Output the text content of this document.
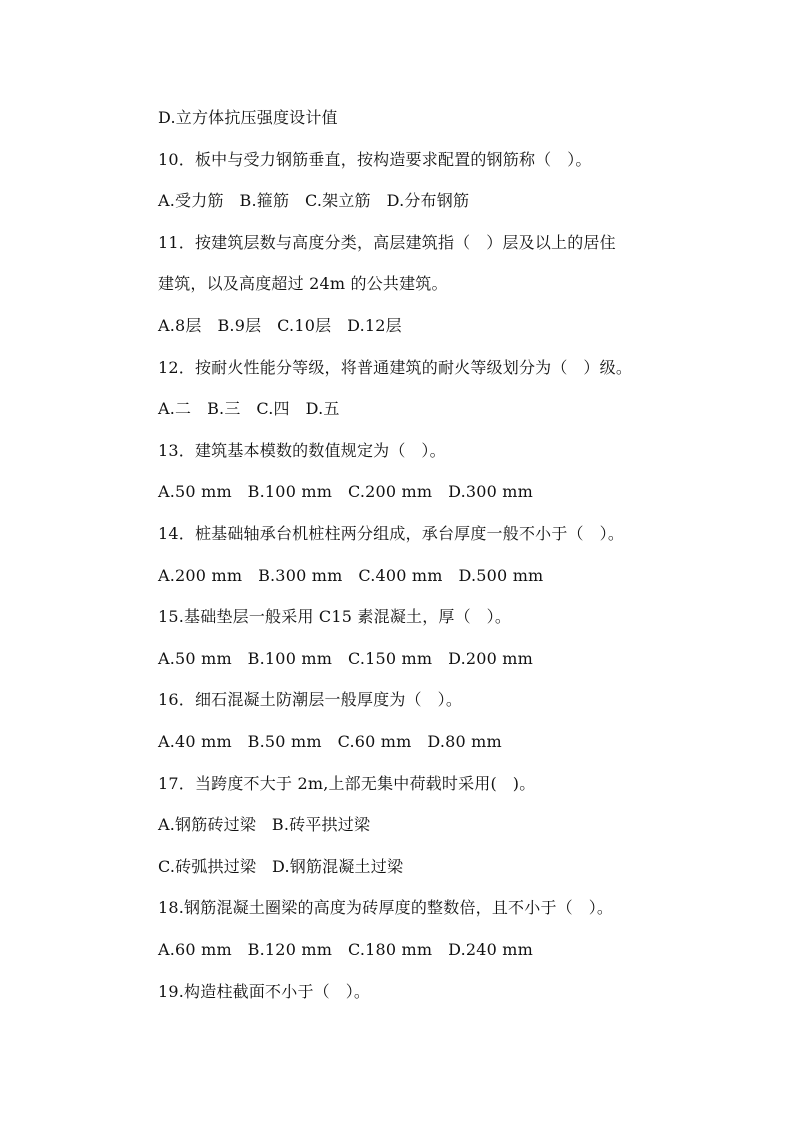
D.立方体抗压强度设计值
10．板中与受力钢筋垂直，按构造要求配置的钢筋称（   ）。
A.受力筋   B.箍筋   C.架立筋   D.分布钢筋
11．按建筑层数与高度分类，高层建筑指（   ）层及以上的居住
建筑，以及高度超过 24m 的公共建筑。
A.8层   B.9层   C.10层   D.12层
12．按耐火性能分等级，将普通建筑的耐火等级划分为（   ）级。
A.二   B.三   C.四   D.五
13．建筑基本模数的数值规定为（   ）。
A.50 mm   B.100 mm   C.200 mm   D.300 mm
14．桩基础轴承台机桩柱两分组成，承台厚度一般不小于（   ）。
A.200 mm   B.300 mm   C.400 mm   D.500 mm
15.基础垫层一般采用 C15 素混凝土，厚（   ）。
A.50 mm   B.100 mm   C.150 mm   D.200 mm
16．细石混凝土防潮层一般厚度为（   ）。
A.40 mm   B.50 mm   C.60 mm   D.80 mm
17．当跨度不大于 2m,上部无集中荷载时采用(   )。
A.钢筋砖过梁   B.砖平拱过梁
C.砖弧拱过梁   D.钢筋混凝土过梁
18.钢筋混凝土圈梁的高度为砖厚度的整数倍，且不小于（   ）。
A.60 mm   B.120 mm   C.180 mm   D.240 mm
19.构造柱截面不小于（   ）。
